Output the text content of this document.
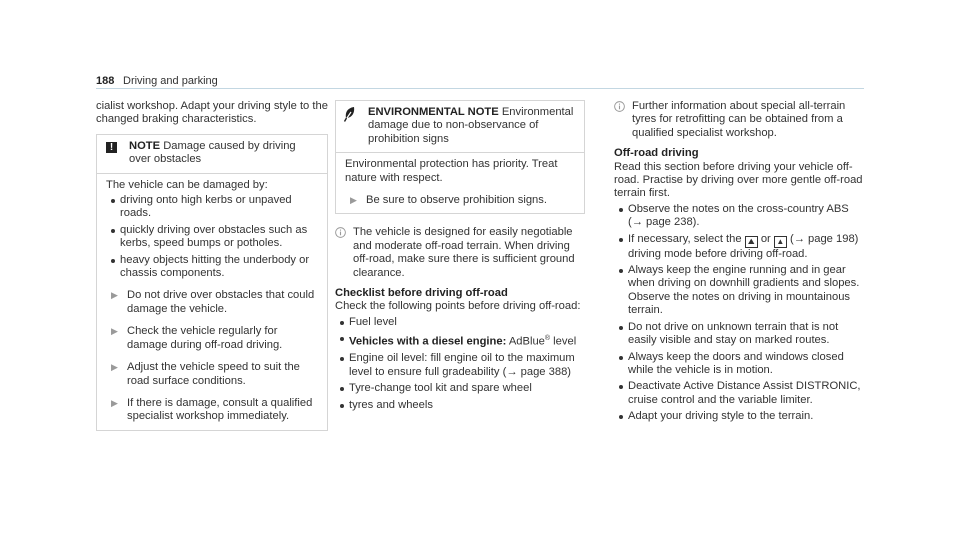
188 Driving and parking

cialist workshop. Adapt your driving style to the changed braking characteristics.

!	NOTE Damage caused by driving over obstacles

The vehicle can be damaged by:

driving onto high kerbs or unpaved roads.
quickly driving over obstacles such as kerbs, speed bumps or potholes.
heavy objects hitting the underbody or chassis components.
▶ Do not drive over obstacles that could damage the vehicle.
▶ Check the vehicle regularly for damage during off-road driving.
▶ Adjust the vehicle speed to suit the road surface conditions.
▶ If there is damage, consult a qualified specialist workshop immediately.
ENVIRONMENTAL NOTE Environmental damage due to non-observance of prohibition signs

Environmental protection has priority. Treat nature with respect.

▶ Be sure to observe prohibition signs.

The vehicle is designed for easily negotiable and moderate off-road terrain. When driving off-road, make sure there is sufficient ground clearance.

Checklist before driving off-road

Check the following points before driving off-road:

Fuel level
Vehicles with a diesel engine: AdBlue® level
Engine oil level: fill engine oil to the maximum level to ensure full gradeability (→ page 388)
Tyre-change tool kit and spare wheel
tyres and wheels

Further information about special all-terrain tyres for retrofitting can be obtained from a qualified specialist workshop.

Off-road driving

Read this section before driving your vehicle off-road. Practise by driving over more gentle off-road terrain first.

Observe the notes on the cross-country ABS (→ page 238).
If necessary, select the ⛰ or ▲ (→ page 198) driving mode before driving off-road.
Always keep the engine running and in gear when driving on downhill gradients and slopes. Observe the notes on driving in mountainous terrain.
Do not drive on unknown terrain that is not easily visible and stay on marked routes.
Always keep the doors and windows closed while the vehicle is in motion.
Deactivate Active Distance Assist DISTRONIC, cruise control and the variable limiter.
Adapt your driving style to the terrain.
